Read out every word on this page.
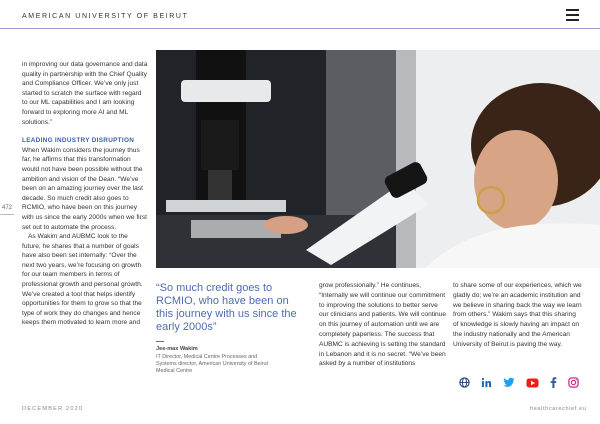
AMERICAN UNIVERSITY OF BEIRUT
472

in improving our data governance and data quality in partnership with the Chief Quality and Compliance Officer. We’ve only just started to scratch the surface with regard to our ML capabilities and I am looking forward to exploring more AI and ML solutions.”

LEADING INDUSTRY DISRUPTION

When Wakim considers the journey thus far, he affirms that this transformation would not have been possible without the ambition and vision of the Dean. “We’ve been on an amazing journey over the last decade. So much credit also goes to RCMIO, who have been on this journey with us since the early 2000s when we first set out to automate the process.

As Wakim and AUBMC look to the future, he shares that a number of goals have also been set internally: “Over the next two years, we’re focusing on growth for our team members in terms of professional growth and personal growth. We’ve created a tool that helps identify opportunities for them to grow so that the type of work they do changes and hence keeps them motivated to learn more and

“So much credit goes to RCMIO, who have been on this journey with us since the early 2000s”
Jee-max Wakim
IT Director, Medical Centre Processes and Systems director, American University of Beirut Medical Centre

grow professionally.” He continues, “Internally we will continue our commitment to improving the solutions to better serve our clinicians and patients. We will continue on this journey of automation until we are completely paperless. The success that AUBMC is achieving is setting the standard in Lebanon and it is no secret. “We’ve been asked by a number of institutions

to share some of our experiences, which we gladly do; we’re an academic institution and we believe in sharing back the way we learn from others.” Wakim says that this sharing of knowledge is slowly having an impact on the industry nationally and the American University of Beirut is paving the way.

DECEMBER 2020	healthcarechief.eu
